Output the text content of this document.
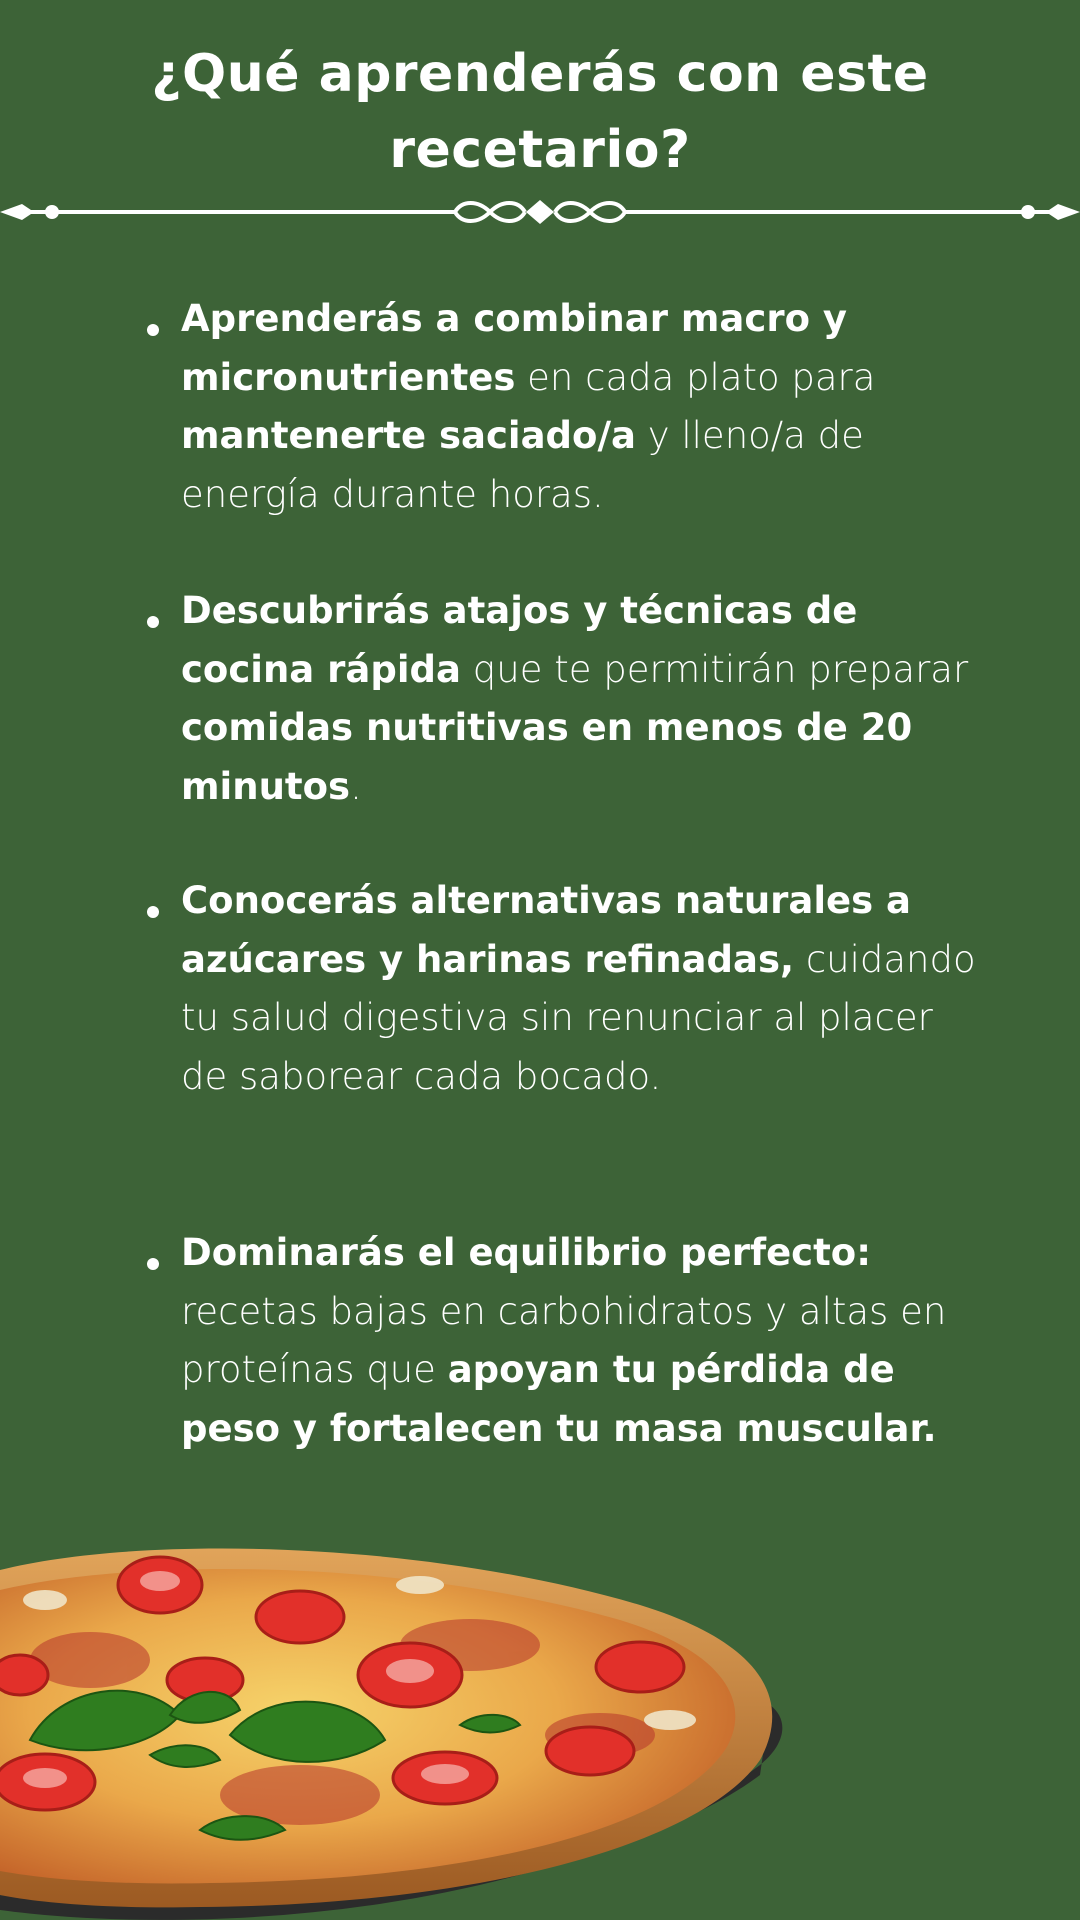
¿Qué aprenderás con este
recetario?

Aprenderás a combinar macro y micronutrientes en cada plato para mantenerte saciado/a y lleno/a de energía durante horas.

Descubrirás atajos y técnicas de cocina rápida que te permitirán preparar comidas nutritivas en menos de 20 minutos.

Conocerás alternativas naturales a azúcares y harinas refinadas, cuidando tu salud digestiva sin renunciar al placer de saborear cada bocado.

Dominarás el equilibrio perfecto: recetas bajas en carbohidratos y altas en proteínas que apoyan tu pérdida de peso y fortalecen tu masa muscular.
